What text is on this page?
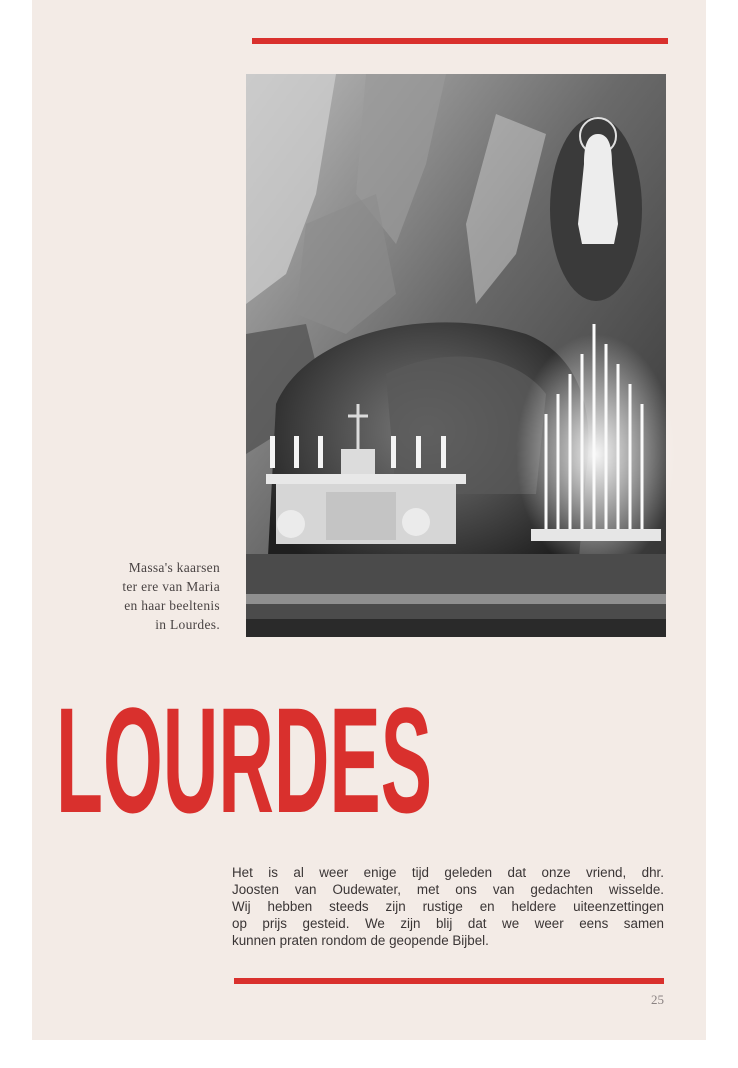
Massa's kaarsen
ter ere van Maria
en haar beeltenis
in Lourdes.
LOURDES
Het is al weer enige tijd geleden dat onze vriend, dhr.
Joosten van Oudewater, met ons van gedachten wisselde.
Wij hebben steeds zijn rustige en heldere uiteenzettingen
op prijs gesteid. We zijn blij dat we weer eens samen
kunnen praten rondom de geopende Bijbel.
25
